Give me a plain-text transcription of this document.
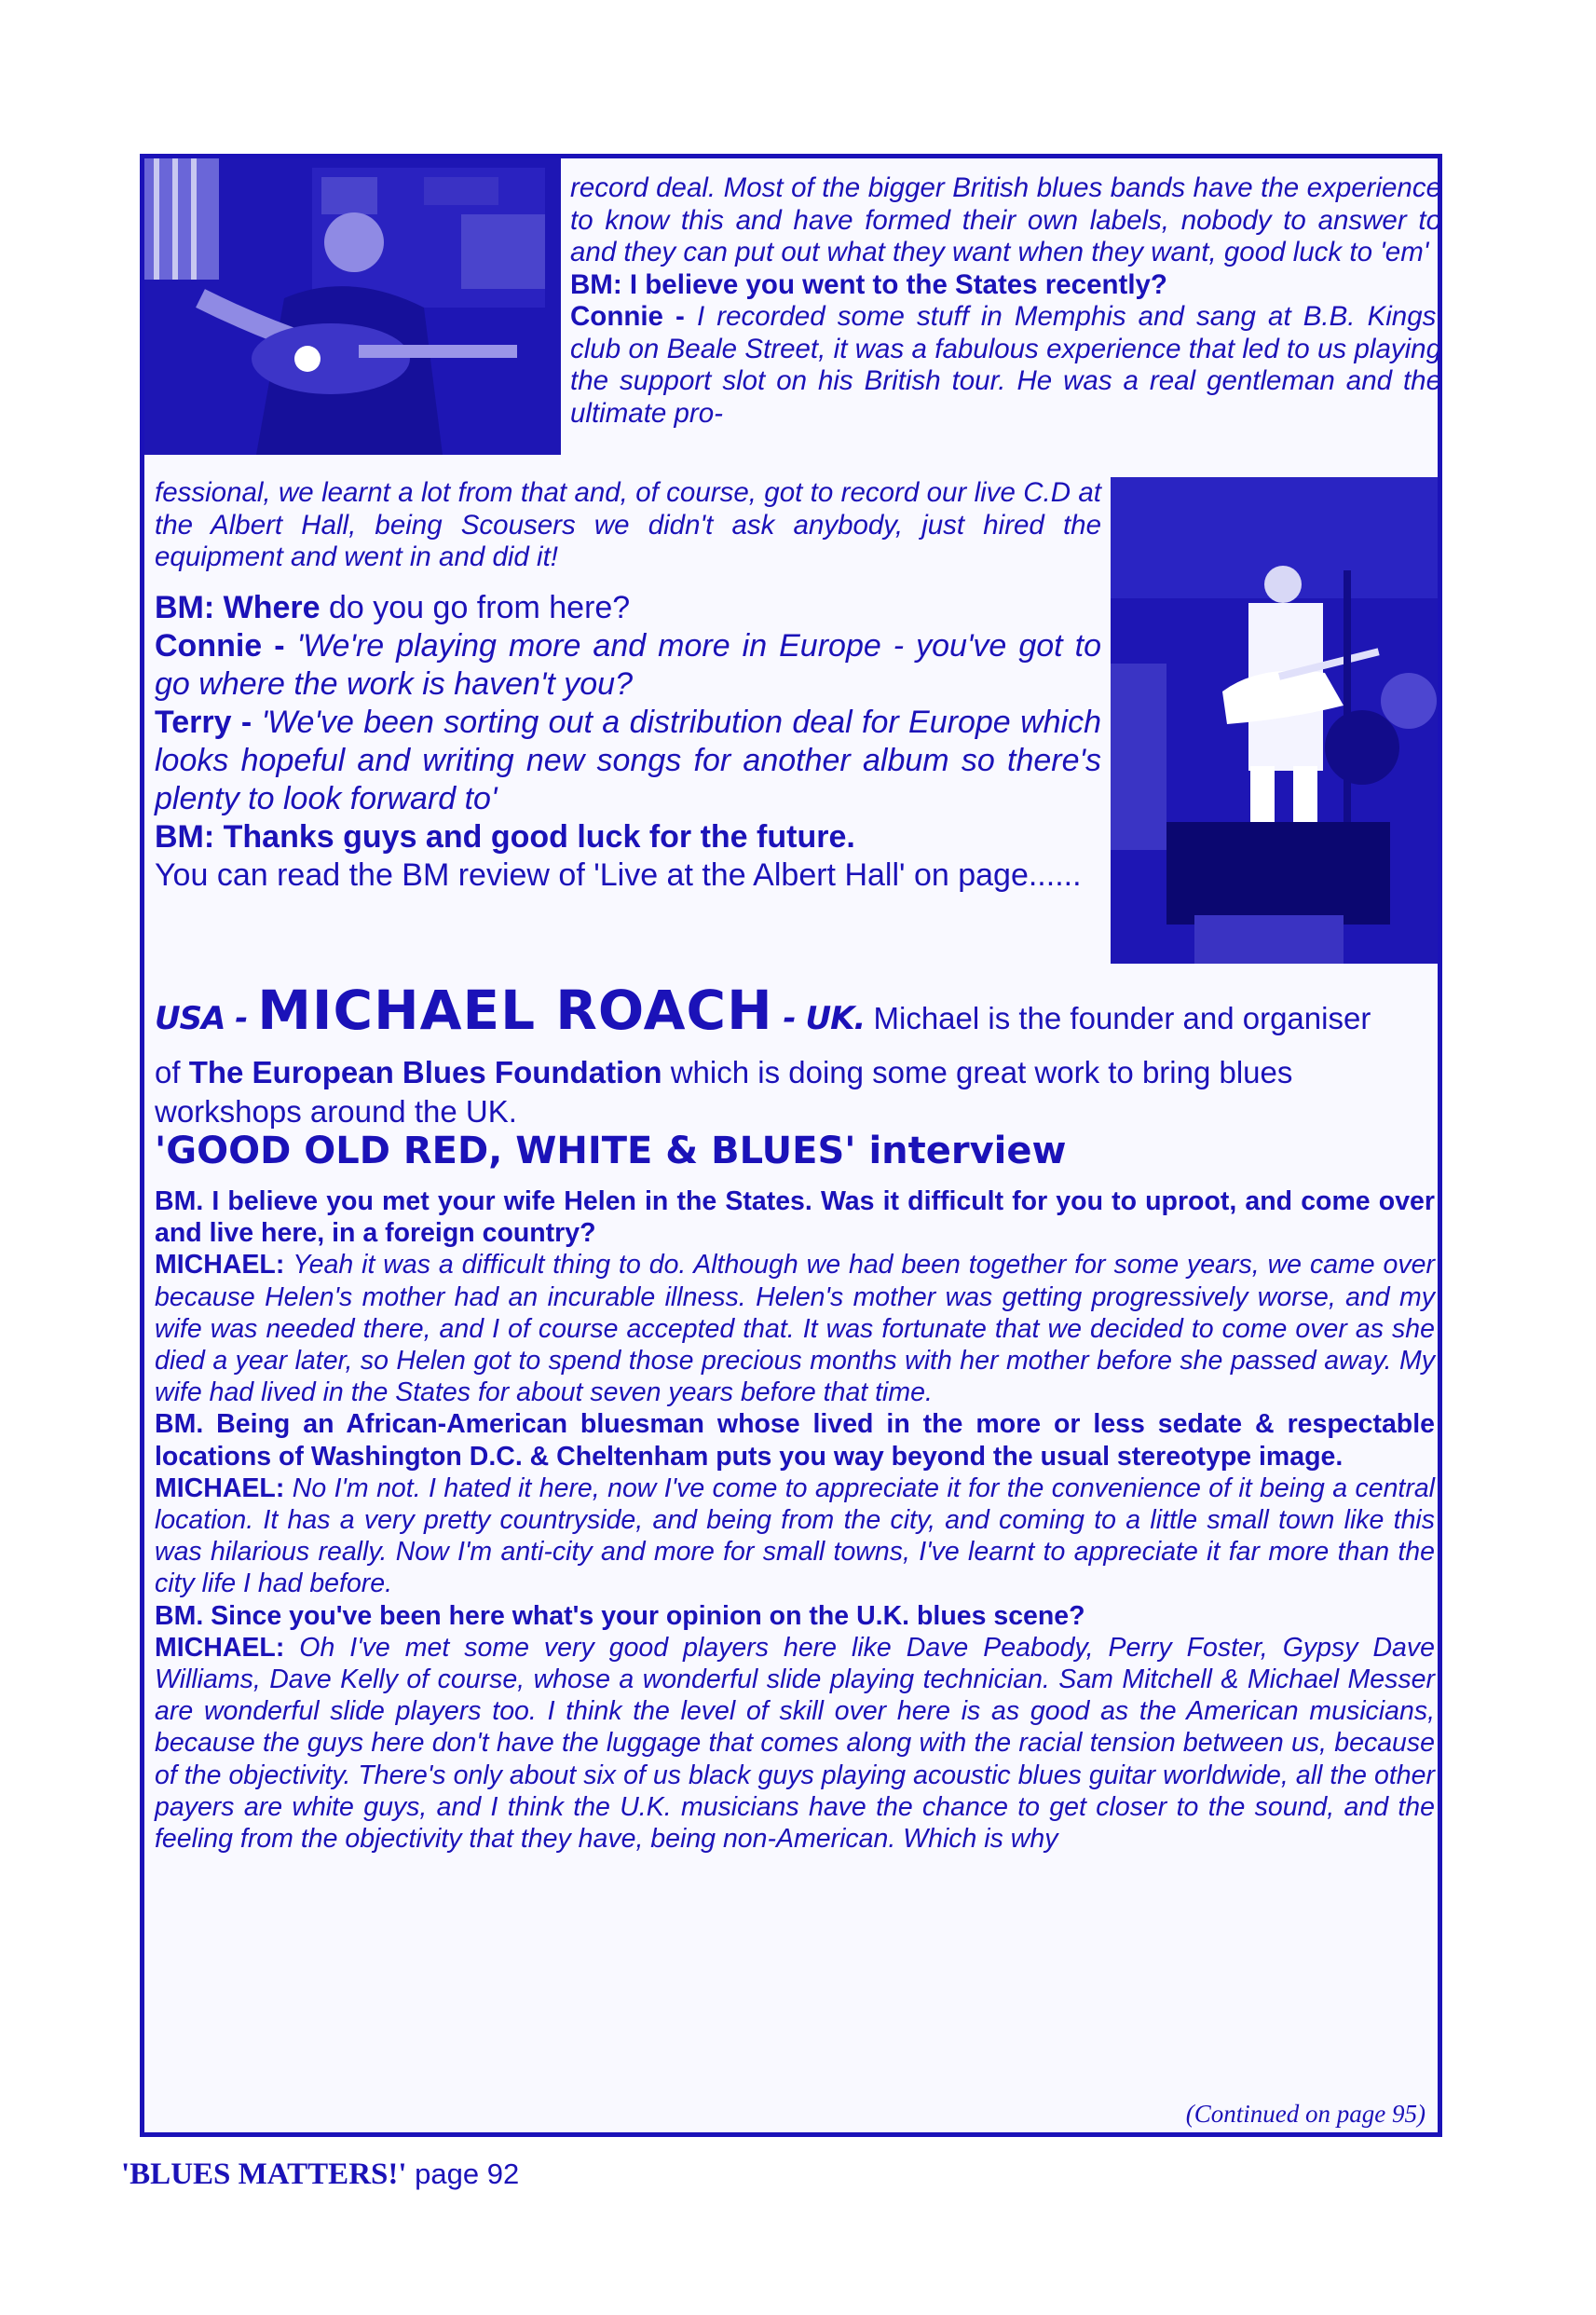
record deal. Most of the bigger British blues bands have the experience to know this and have formed their own labels, nobody to answer to and they can put out what they want when they want, good luck to 'em'

BM: I believe you went to the States recently?

Connie - I recorded some stuff in Memphis and sang at B.B. Kings' club on Beale Street, it was a fabulous experience that led to us playing the support slot on his British tour. He was a real gentleman and the ultimate pro-

fessional, we learnt a lot from that and, of course, got to record our live C.D at the Albert Hall, being Scousers we didn't ask anybody, just hired the equipment and went in and did it!

BM: Where do you go from here?

Connie - 'We're playing more and more in Europe - you've got to go where the work is haven't you?

Terry - 'We've been sorting out a distribution deal for Europe which looks hopeful and writing new songs for another album so there's plenty to look forward to'

BM: Thanks guys and good luck for the future.

You can read the BM review of 'Live at the Albert Hall' on page......

USA - MICHAEL ROACH - UK. Michael is the founder and organiser
of The European Blues Foundation which is doing some great work to bring blues workshops around the UK.
'GOOD OLD RED, WHITE & BLUES' interview

BM. I believe you met your wife Helen in the States. Was it difficult for you to uproot, and come over and live here, in a foreign country?

MICHAEL: Yeah it was a difficult thing to do. Although we had been together for some years, we came over because Helen's mother had an incurable illness. Helen's mother was getting progressively worse, and my wife was needed there, and I of course accepted that. It was fortunate that we decided to come over as she died a year later, so Helen got to spend those precious months with her mother before she passed away. My wife had lived in the States for about seven years before that time.

BM. Being an African-American bluesman whose lived in the more or less sedate & respectable locations of Washington D.C. & Cheltenham puts you way beyond the usual stereotype image.

MICHAEL: No I'm not. I hated it here, now I've come to appreciate it for the convenience of it being a central location. It has a very pretty countryside, and being from the city, and coming to a little small town like this was hilarious really. Now I'm anti-city and more for small towns, I've learnt to appreciate it far more than the city life I had before.

BM. Since you've been here what's your opinion on the U.K. blues scene?

MICHAEL: Oh I've met some very good players here like Dave Peabody, Perry Foster, Gypsy Dave Williams, Dave Kelly of course, whose a wonderful slide playing technician. Sam Mitchell & Michael Messer are wonderful slide players too. I think the level of skill over here is as good as the American musicians, because the guys here don't have the luggage that comes along with the racial tension between us, because of the objectivity. There's only about six of us black guys playing acoustic blues guitar worldwide, all the other payers are white guys, and I think the U.K. musicians have the chance to get closer to the sound, and the feeling from the objectivity that they have, being non-American. Which is why

(Continued on page 95)
'BLUES MATTERS!' page 92
